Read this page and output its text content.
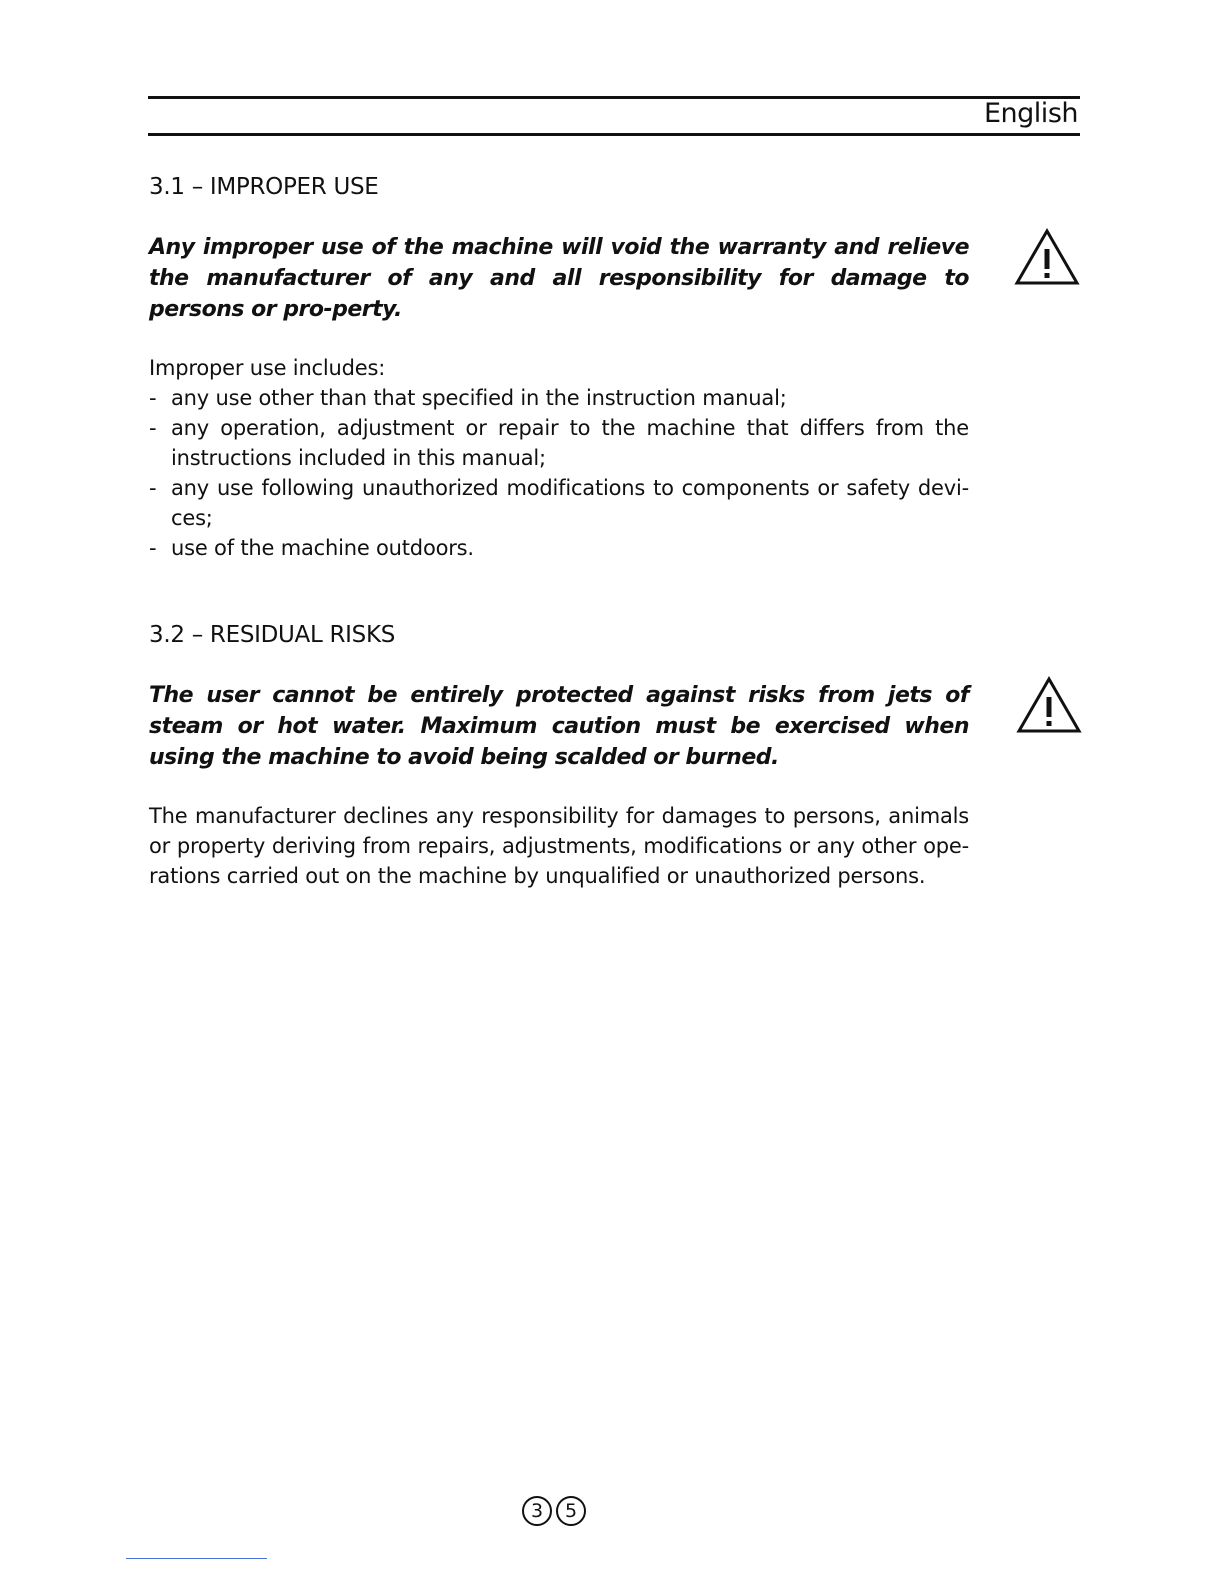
English
3.1 – IMPROPER USE
Any improper use of the machine will void the warranty and relieve the manufacturer of any and all responsibility for damage to persons or pro-perty.
Improper use includes:
- any use other than that specified in the instruction manual;
- any operation, adjustment or repair to the machine that differs from the instructions included in this manual;
- any use following unauthorized modifications to components or safety devi-ces;
- use of the machine outdoors.
3.2 – RESIDUAL RISKS
The user cannot be entirely protected against risks from jets of steam or hot water. Maximum caution must be exercised when using the machine to avoid being scalded or burned.
The manufacturer declines any responsibility for damages to persons, animals or property deriving from repairs, adjustments, modifications or any other ope-rations carried out on the machine by unqualified or unauthorized persons.
3	5
